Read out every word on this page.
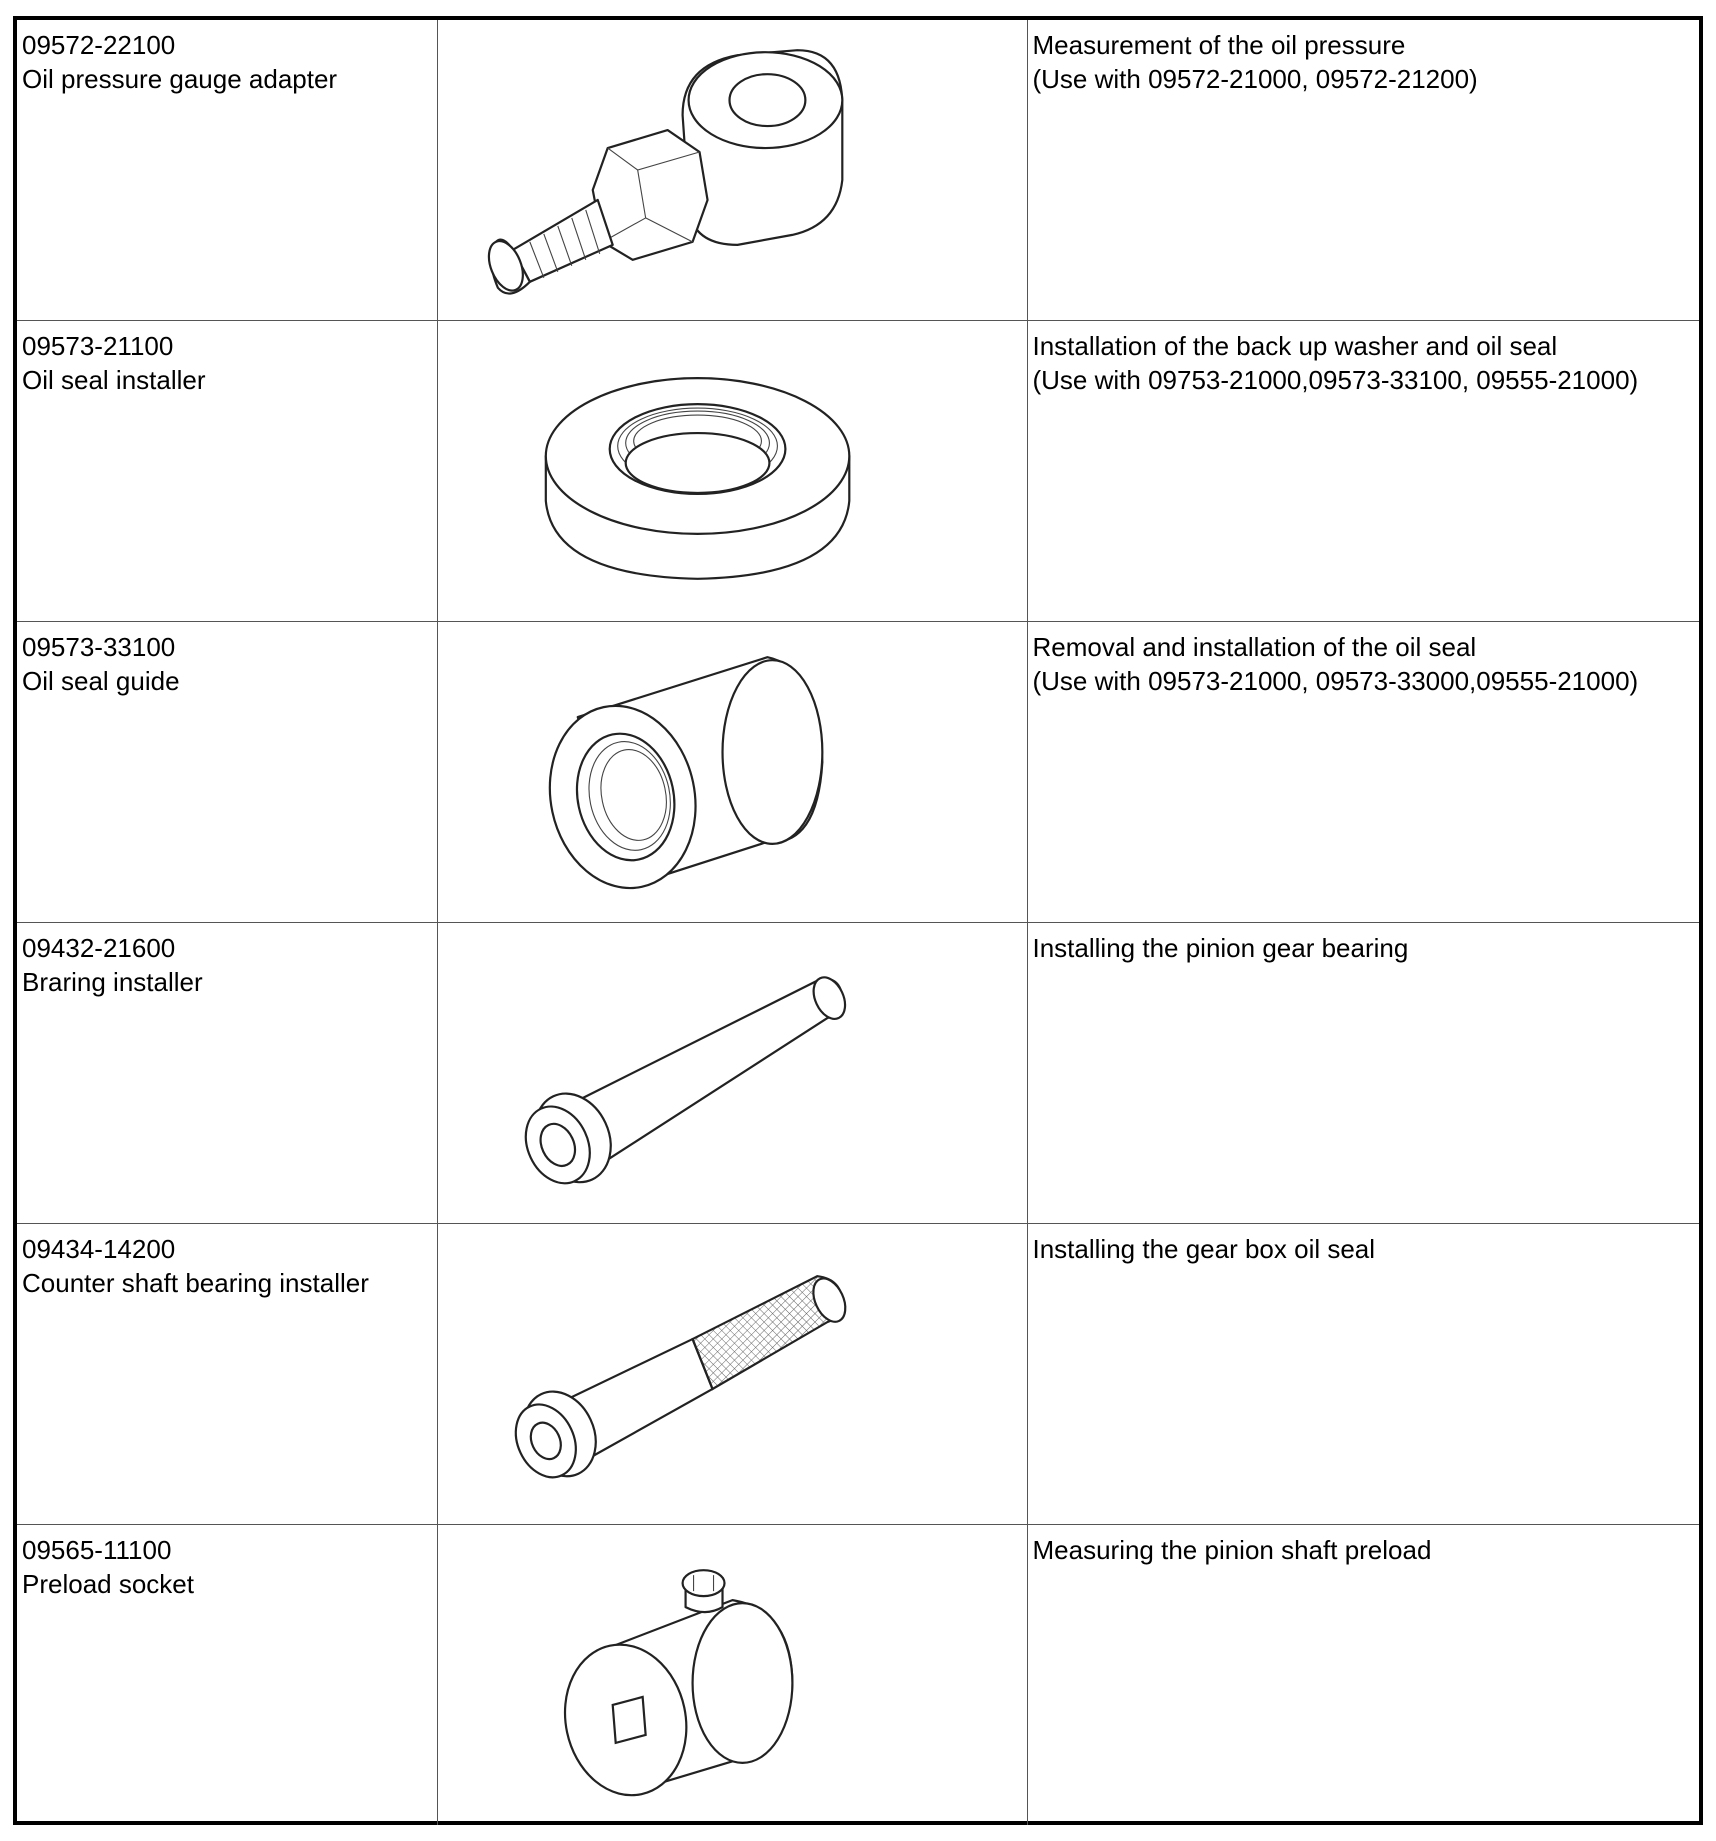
09572-22100
Oil pressure gauge adapter		Measurement of the oil pressure
(Use with 09572-21000, 09572-21200)

09573-21100
Oil seal installer		Installation of the back up washer and oil seal
(Use with 09753-21000,09573-33100, 09555-21000)

09573-33100
Oil seal guide		Removal and installation of the oil seal
(Use with 09573-21000, 09573-33000,09555-21000)

09432-21600
Braring installer		Installing the pinion gear bearing

09434-14200
Counter shaft bearing installer		Installing the gear box oil seal

09565-11100
Preload socket		Measuring the pinion shaft preload
